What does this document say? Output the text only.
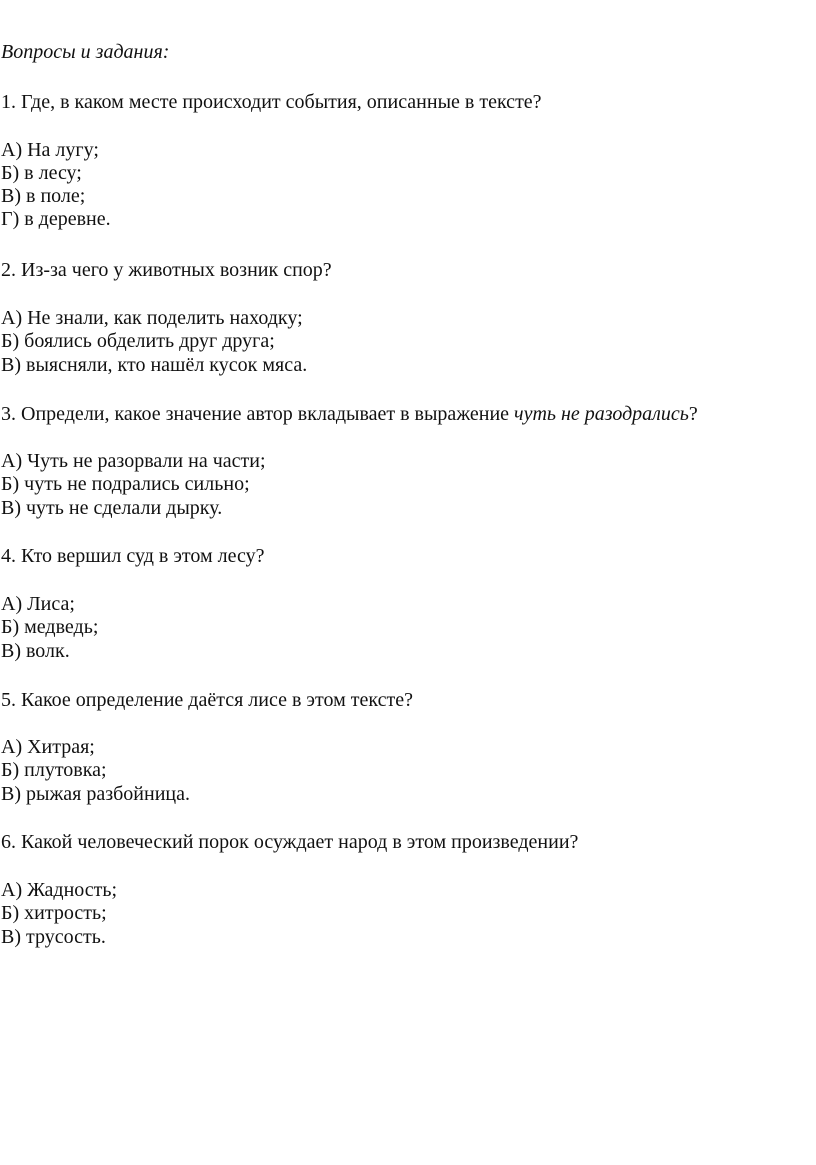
Вопросы и задания:
1. Где, в каком месте происходит события, описанные в тексте?
А) На лугу;
Б) в лесу;
В) в поле;
Г) в деревне.
2. Из-за чего у животных возник спор?
А) Не знали, как поделить находку;
Б) боялись обделить друг друга;
В) выясняли, кто нашёл кусок мяса.
3. Определи, какое значение автор вкладывает в выражение чуть не разодрались?
А) Чуть не разорвали на части;
Б) чуть не подрались сильно;
В) чуть не сделали дырку.
4. Кто вершил суд в этом лесу?
А) Лиса;
Б) медведь;
В) волк.
5. Какое определение даётся лисе в этом тексте?
А) Хитрая;
Б) плутовка;
В) рыжая разбойница.
6. Какой человеческий порок осуждает народ в этом произведении?
А) Жадность;
Б) хитрость;
В) трусость.
